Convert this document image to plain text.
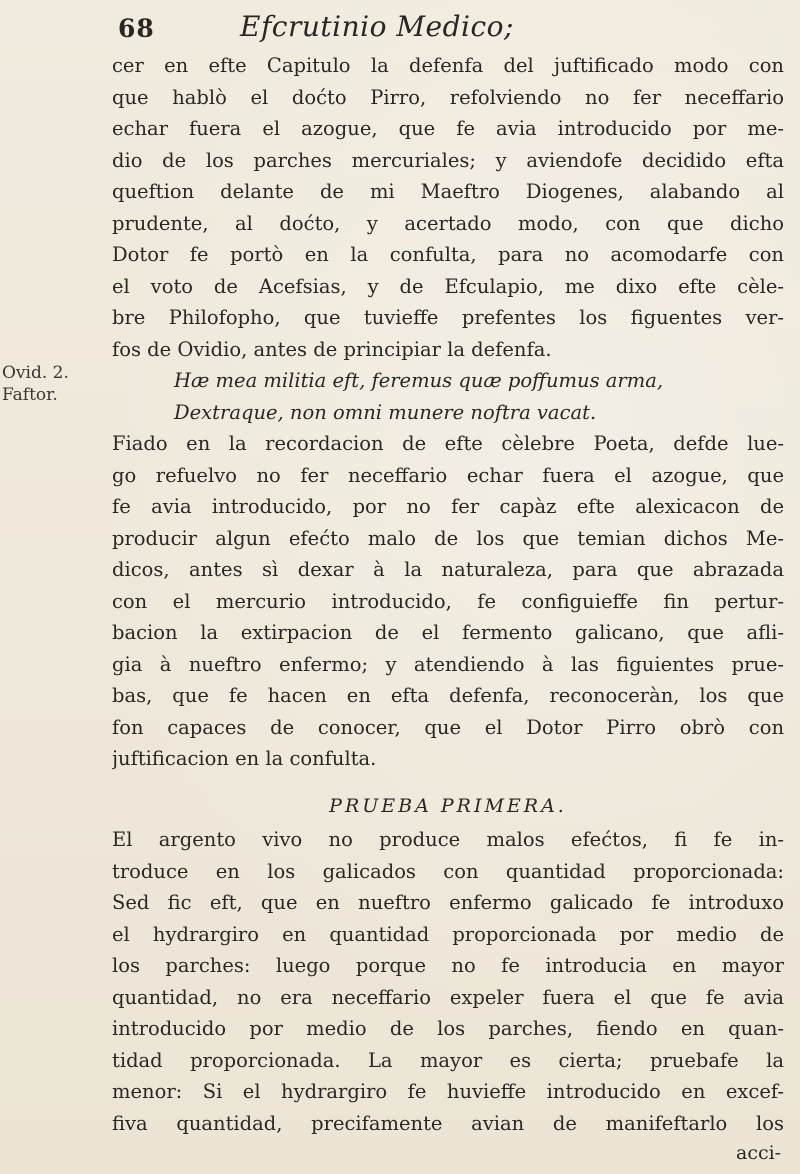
68	Efcrutinio Medico;
Ovid. 2.
Faftor.
cer en efte Capitulo la defenfa del juftificado modo con
que hablò el doćto Pirro, refolviendo no fer neceffario
echar fuera el azogue, que fe avia introducido por me-
dio de los parches mercuriales; y aviendofe decidido efta
queftion delante de mi Maeftro Diogenes, alabando al
prudente, al doćto, y acertado modo, con que dicho
Dotor fe portò en la confulta, para no acomodarfe con
el voto de Acefsias, y de Efculapio, me dixo efte cèle-
bre Philofopho, que tuvieffe prefentes los figuentes ver-
fos de Ovidio, antes de principiar la defenfa.
Hæ mea militia eft, feremus quæ poffumus arma,
Dextraque, non omni munere noftra vacat.
Fiado en la recordacion de efte cèlebre Poeta, defde lue-
go refuelvo no fer neceffario echar fuera el azogue, que
fe avia introducido, por no fer capàz efte alexicacon de
producir algun efećto malo de los que temian dichos Me-
dicos, antes sì dexar à la naturaleza, para que abrazada
con el mercurio introducido, fe configuieffe fin pertur-
bacion la extirpacion de el fermento galicano, que afli-
gia à nueftro enfermo; y atendiendo à las figuientes prue-
bas, que fe hacen en efta defenfa, reconoceràn, los que
fon capaces de conocer, que el Dotor Pirro obrò con
juftificacion en la confulta.
PRUEBA PRIMERA.
El argento vivo no produce malos efećtos, fi fe in-
troduce en los galicados con quantidad proporcionada:
Sed fic eft, que en nueftro enfermo galicado fe introduxo
el hydrargiro en quantidad proporcionada por medio de
los parches: luego porque no fe introducia en mayor
quantidad, no era neceffario expeler fuera el que fe avia
introducido por medio de los parches, fiendo en quan-
tidad proporcionada. La mayor es cierta; pruebafe la
menor: Si el hydrargiro fe huvieffe introducido en excef-
fiva quantidad, precifamente avian de manifeftarlo los
acci-
